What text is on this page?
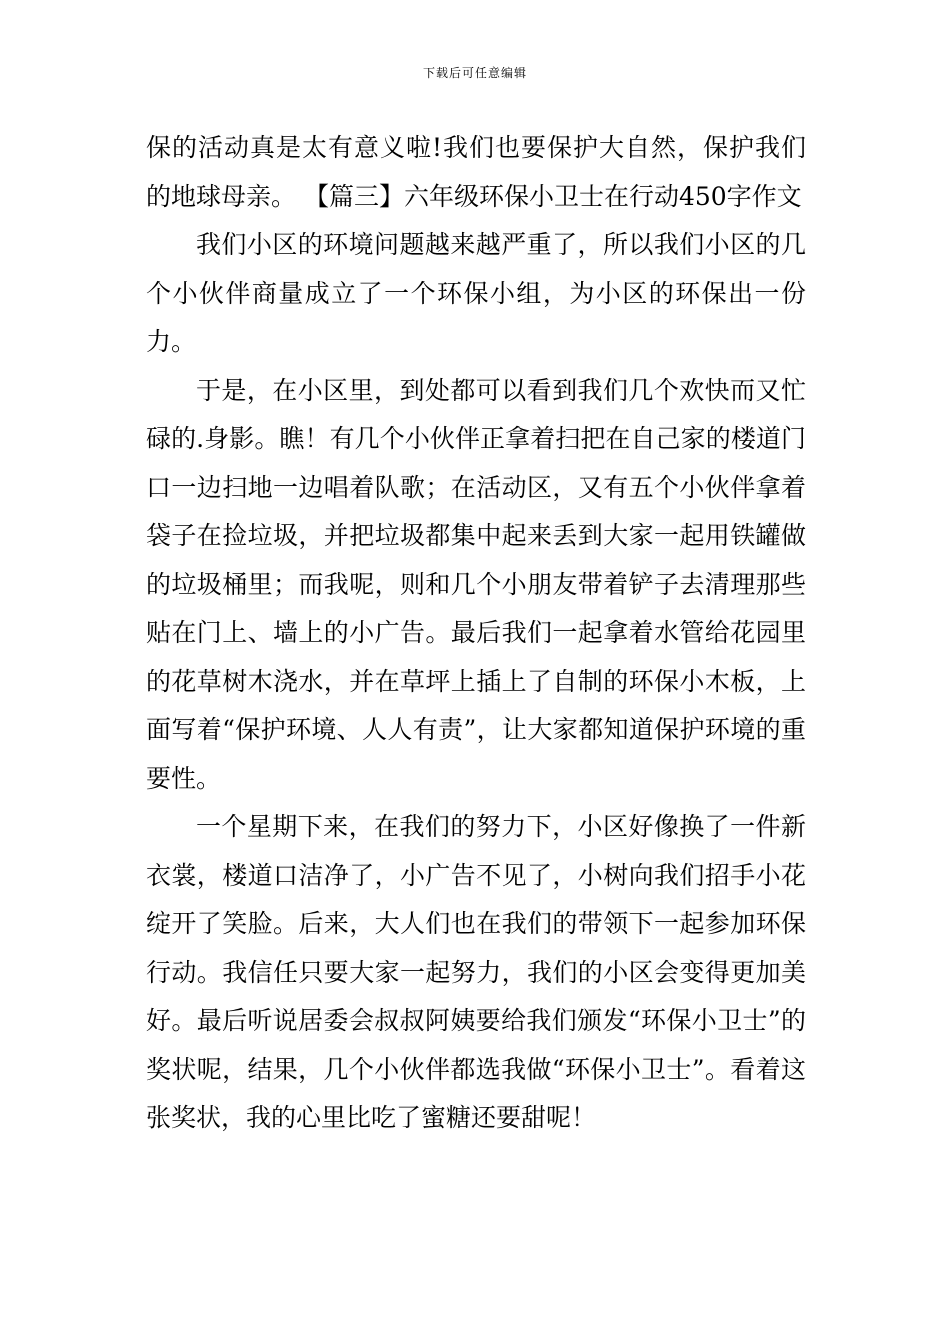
下载后可任意编辑

保的活动真是太有意义啦!我们也要保护大自然，保护我们的地球母亲。 【篇三】六年级环保小卫士在行动450字作文

我们小区的环境问题越来越严重了，所以我们小区的几个小伙伴商量成立了一个环保小组，为小区的环保出一份力。

于是，在小区里，到处都可以看到我们几个欢快而又忙碌的.身影。瞧！有几个小伙伴正拿着扫把在自己家的楼道门口一边扫地一边唱着队歌；在活动区，又有五个小伙伴拿着袋子在捡垃圾，并把垃圾都集中起来丢到大家一起用铁罐做的垃圾桶里；而我呢，则和几个小朋友带着铲子去清理那些贴在门上、墙上的小广告。最后我们一起拿着水管给花园里的花草树木浇水，并在草坪上插上了自制的环保小木板，上面写着“保护环境、人人有责”，让大家都知道保护环境的重要性。

一个星期下来，在我们的努力下，小区好像换了一件新衣裳，楼道口洁净了，小广告不见了，小树向我们招手小花绽开了笑脸。后来，大人们也在我们的带领下一起参加环保行动。我信任只要大家一起努力，我们的小区会变得更加美好。最后听说居委会叔叔阿姨要给我们颁发“环保小卫士”的奖状呢，结果，几个小伙伴都选我做“环保小卫士”。看着这张奖状，我的心里比吃了蜜糖还要甜呢！
